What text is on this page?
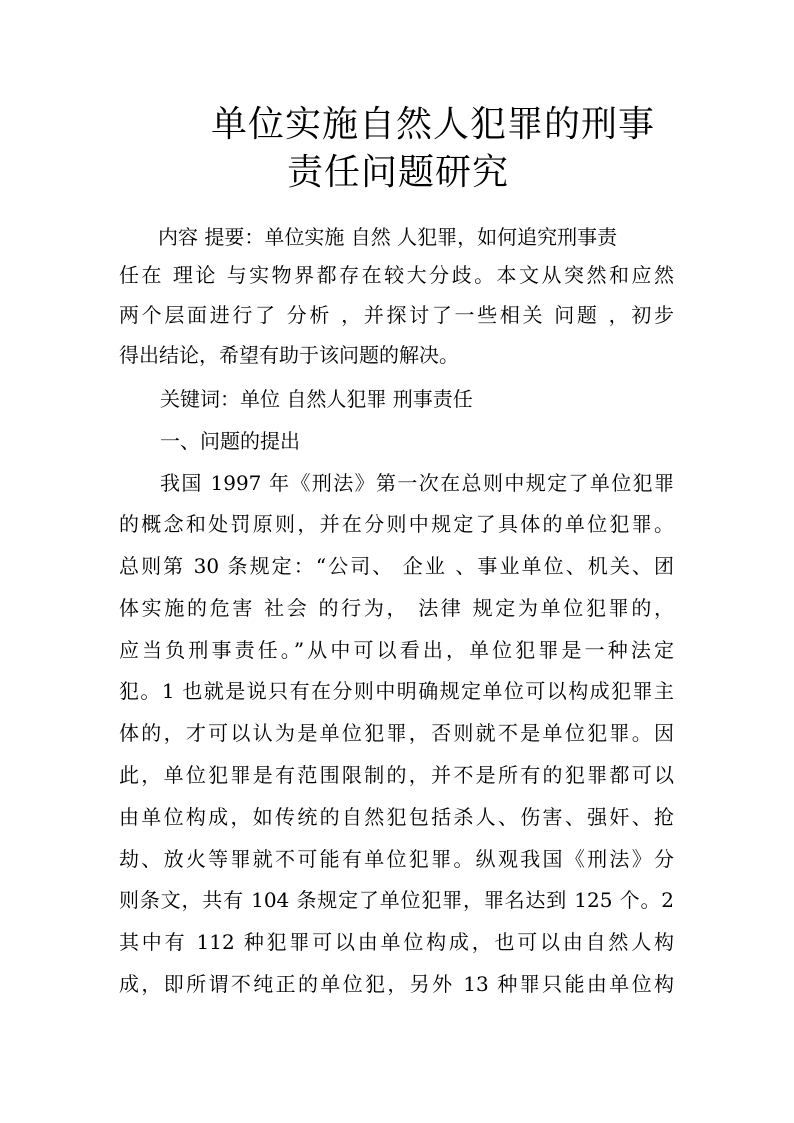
单位实施自然人犯罪的刑事
责任问题研究
内容 提要：单位实施 自然 人犯罪，如何追究刑事责
任在 理论 与实物界都存在较大分歧。本文从突然和应然
两个层面进行了 分析 ，并探讨了一些相关 问题 ，初步
得出结论，希望有助于该问题的解决。
关键词：单位 自然人犯罪 刑事责任
一、问题的提出
我国 1997 年《刑法》第一次在总则中规定了单位犯罪
的概念和处罚原则，并在分则中规定了具体的单位犯罪。
总则第 30 条规定：“公司、 企业 、事业单位、机关、团
体实施的危害 社会 的行为， 法律 规定为单位犯罪的，
应当负刑事责任。”从中可以看出，单位犯罪是一种法定
犯。1 也就是说只有在分则中明确规定单位可以构成犯罪主
体的，才可以认为是单位犯罪，否则就不是单位犯罪。因
此，单位犯罪是有范围限制的，并不是所有的犯罪都可以
由单位构成，如传统的自然犯包括杀人、伤害、强奸、抢
劫、放火等罪就不可能有单位犯罪。纵观我国《刑法》分
则条文，共有 104 条规定了单位犯罪，罪名达到 125 个。2
其中有 112 种犯罪可以由单位构成，也可以由自然人构
成，即所谓不纯正的单位犯，另外 13 种罪只能由单位构
